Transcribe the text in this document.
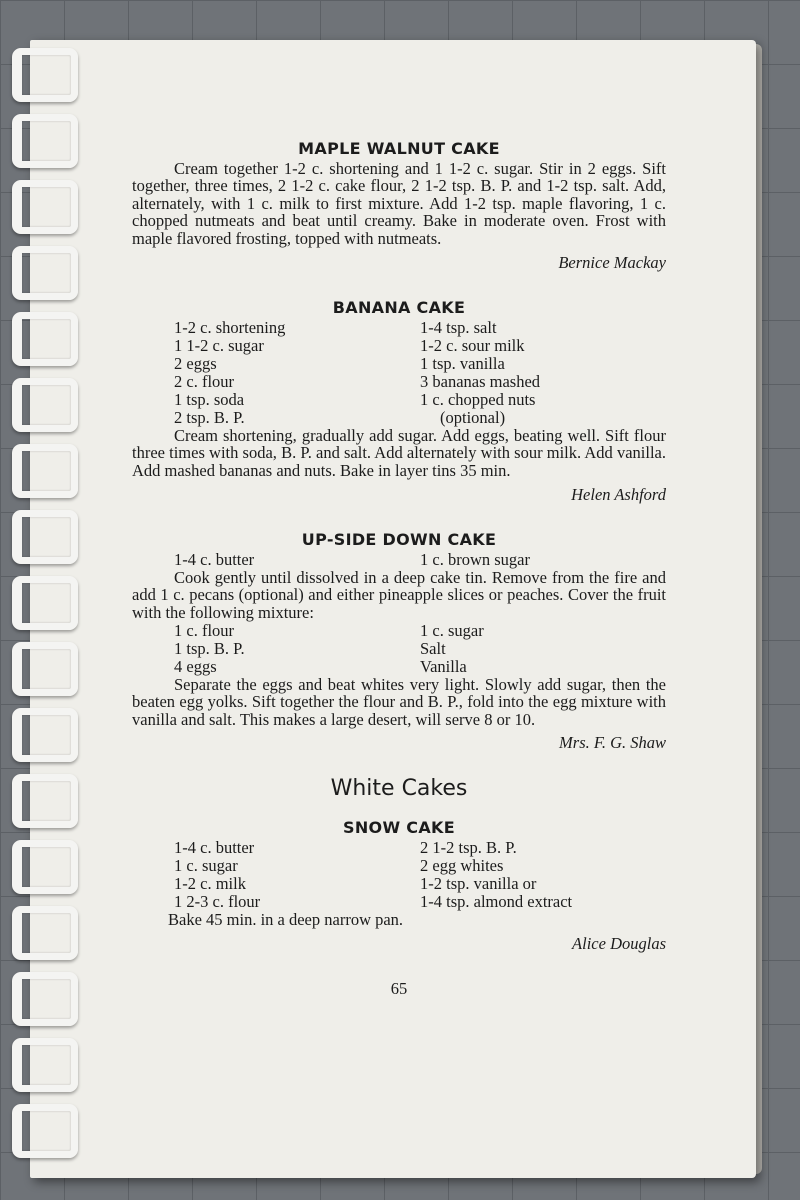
MAPLE WALNUT CAKE

Cream together 1-2 c. shortening and 1 1-2 c. sugar. Stir in 2 eggs. Sift together, three times, 2 1-2 c. cake flour, 2 1-2 tsp. B. P. and 1-2 tsp. salt. Add, alternately, with 1 c. milk to first mixture. Add 1-2 tsp. maple flavoring, 1 c. chopped nutmeats and beat until creamy. Bake in moderate oven. Frost with maple flavored frosting, topped with nutmeats.

Bernice Mackay
BANANA CAKE
1-2 c. shortening
1 1-2 c. sugar
2 eggs
2 c. flour
1 tsp. soda
2 tsp. B. P.
1-4 tsp. salt
1-2 c. sour milk
1 tsp. vanilla
3 bananas mashed
1 c. chopped nuts
(optional)

Cream shortening, gradually add sugar. Add eggs, beating well. Sift flour three times with soda, B. P. and salt. Add alternately with sour milk. Add vanilla. Add mashed bananas and nuts. Bake in layer tins 35 min.

Helen Ashford
UP-SIDE DOWN CAKE
1-4 c. butter	1 c. brown sugar

Cook gently until dissolved in a deep cake tin. Remove from the fire and add 1 c. pecans (optional) and either pineapple slices or peaches. Cover the fruit with the following mixture:

1 c. flour
1 tsp. B. P.
4 eggs
1 c. sugar
Salt
Vanilla

Separate the eggs and beat whites very light. Slowly add sugar, then the beaten egg yolks. Sift together the flour and B. P., fold into the egg mixture with vanilla and salt. This makes a large desert, will serve 8 or 10.

Mrs. F. G. Shaw
White Cakes
SNOW CAKE
1-4 c. butter
1 c. sugar
1-2 c. milk
1 2-3 c. flour
2 1-2 tsp. B. P.
2 egg whites
1-2 tsp. vanilla or
1-4 tsp. almond extract

Bake 45 min. in a deep narrow pan.

Alice Douglas
65
